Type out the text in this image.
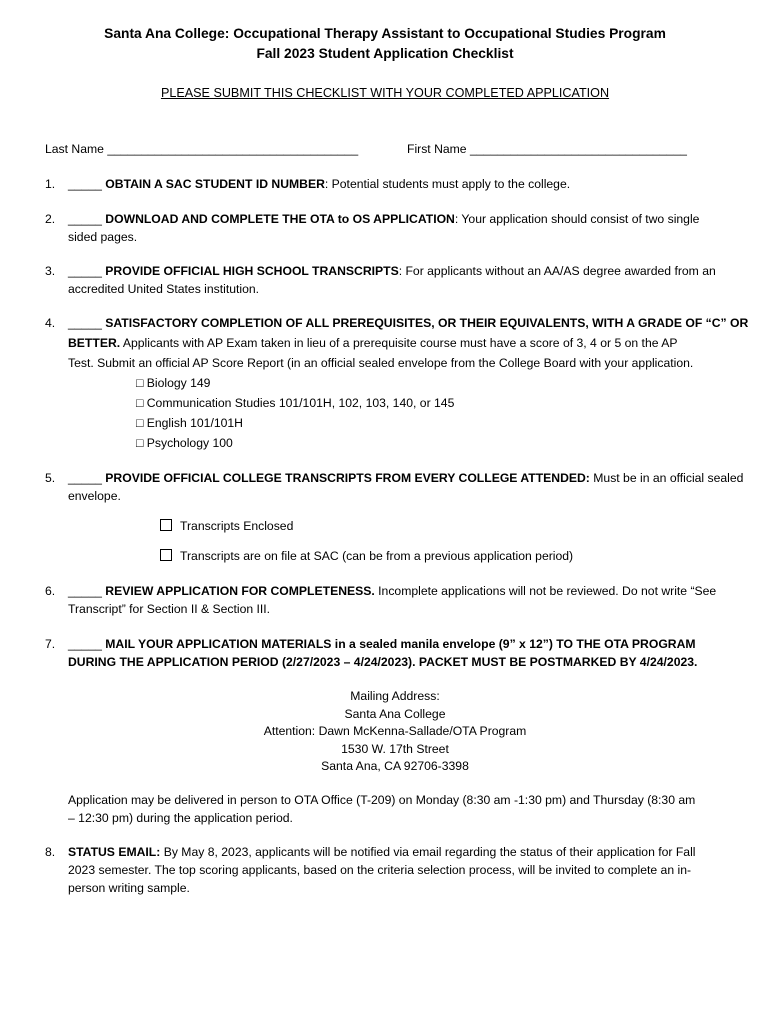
Santa Ana College: Occupational Therapy Assistant to Occupational Studies Program
Fall 2023 Student Application Checklist
PLEASE SUBMIT THIS CHECKLIST WITH YOUR COMPLETED APPLICATION
Last Name _____________________________________	First Name ________________________________
1. _____ OBTAIN A SAC STUDENT ID NUMBER: Potential students must apply to the college.
2. _____ DOWNLOAD AND COMPLETE THE OTA to OS APPLICATION: Your application should consist of two single
sided pages.
3. _____ PROVIDE OFFICIAL HIGH SCHOOL TRANSCRIPTS: For applicants without an AA/AS degree awarded from an
accredited United States institution.
4. _____ SATISFACTORY COMPLETION OF ALL PREREQUISITES, OR THEIR EQUIVALENTS, WITH A GRADE OF “C” OR
BETTER. Applicants with AP Exam taken in lieu of a prerequisite course must have a score of 3, 4 or 5 on the AP
Test. Submit an official AP Score Report (in an official sealed envelope from the College Board with your application.
□ Biology 149
□ Communication Studies 101/101H, 102, 103, 140, or 145
□ English 101/101H
□ Psychology 100
5. _____ PROVIDE OFFICIAL COLLEGE TRANSCRIPTS FROM EVERY COLLEGE ATTENDED: Must be in an official sealed
envelope.
Transcripts Enclosed
Transcripts are on file at SAC (can be from a previous application period)
6. _____ REVIEW APPLICATION FOR COMPLETENESS. Incomplete applications will not be reviewed. Do not write “See
Transcript” for Section II & Section III.
7. _____ MAIL YOUR APPLICATION MATERIALS in a sealed manila envelope (9” x 12”) TO THE OTA PROGRAM
DURING THE APPLICATION PERIOD (2/27/2023 – 4/24/2023). PACKET MUST BE POSTMARKED BY 4/24/2023.
Mailing Address:
Santa Ana College
Attention: Dawn McKenna-Sallade/OTA Program
1530 W. 17th Street
Santa Ana, CA 92706-3398
Application may be delivered in person to OTA Office (T-209) on Monday (8:30 am -1:30 pm) and Thursday (8:30 am
– 12:30 pm) during the application period.
8. STATUS EMAIL: By May 8, 2023, applicants will be notified via email regarding the status of their application for Fall
2023 semester. The top scoring applicants, based on the criteria selection process, will be invited to complete an in-
person writing sample.
